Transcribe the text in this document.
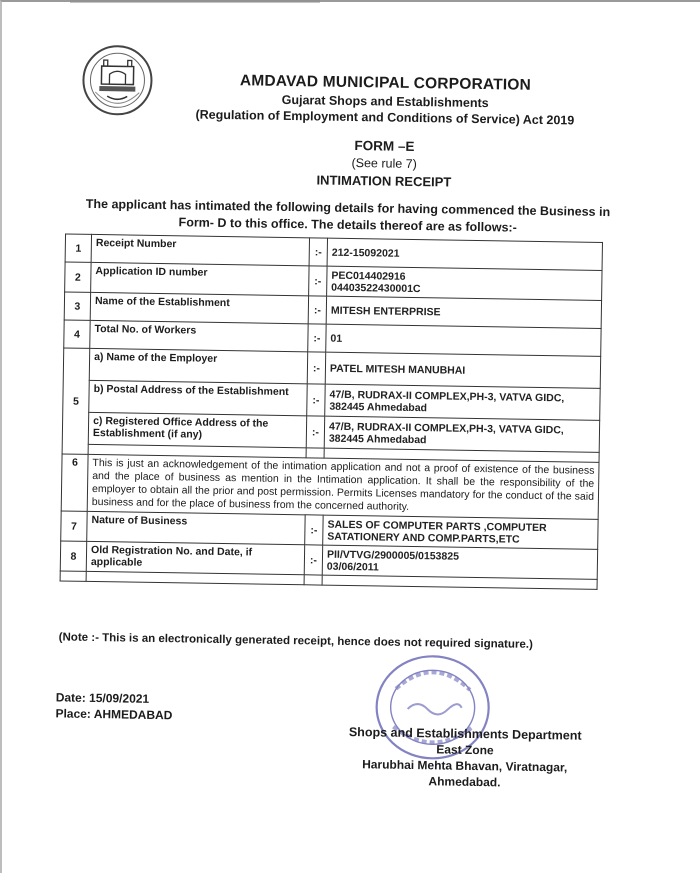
AMDAVAD MUNICIPAL CORPORATION
Gujarat Shops and Establishments
(Regulation of Employment and Conditions of Service) Act 2019
FORM –E
(See rule 7)
INTIMATION RECEIPT
The applicant has intimated the following details for having commenced the Business in Form- D to this office. The details thereof are as follows:-
1	Receipt Number	:-	212-15092021
2	Application ID number	:-	PEC014402916
04403522430001C

3	Name of the Establishment	:-	MITESH ENTERPRISE
4	Total No. of Workers	:-	01
5	a) Name of the Employer	:-	PATEL MITESH MANUBHAI
	b) Postal Address of the Establishment	:-	47/B, RUDRAX-II COMPLEX,PH-3, VATVA GIDC, 382445 Ahmedabad
	c) Registered Office Address of the Establishment (if any)	:-	47/B, RUDRAX-II COMPLEX,PH-3, VATVA GIDC, 382445 Ahmedabad

6	This is just an acknowledgement of the intimation application and not a proof of existence of the business and the place of business as mention in the Intimation application. It shall be the responsibility of the employer to obtain all the prior and post permission. Permits Licenses mandatory for the conduct of the said business and for the place of business from the concerned authority.		
7	Nature of Business	:-	SALES OF COMPUTER PARTS ,COMPUTER SATATIONERY AND COMP.PARTS,ETC
8	Old Registration No. and Date, if applicable	:-	PII/VTVG/2900005/0153825
03/06/2011

(Note :- This is an electronically generated receipt, hence does not required signature.)
Date: 15/09/2021
Place: AHMEDABAD
Shops and Establishments Department
East Zone
Harubhai Mehta Bhavan, Viratnagar,
Ahmedabad.
